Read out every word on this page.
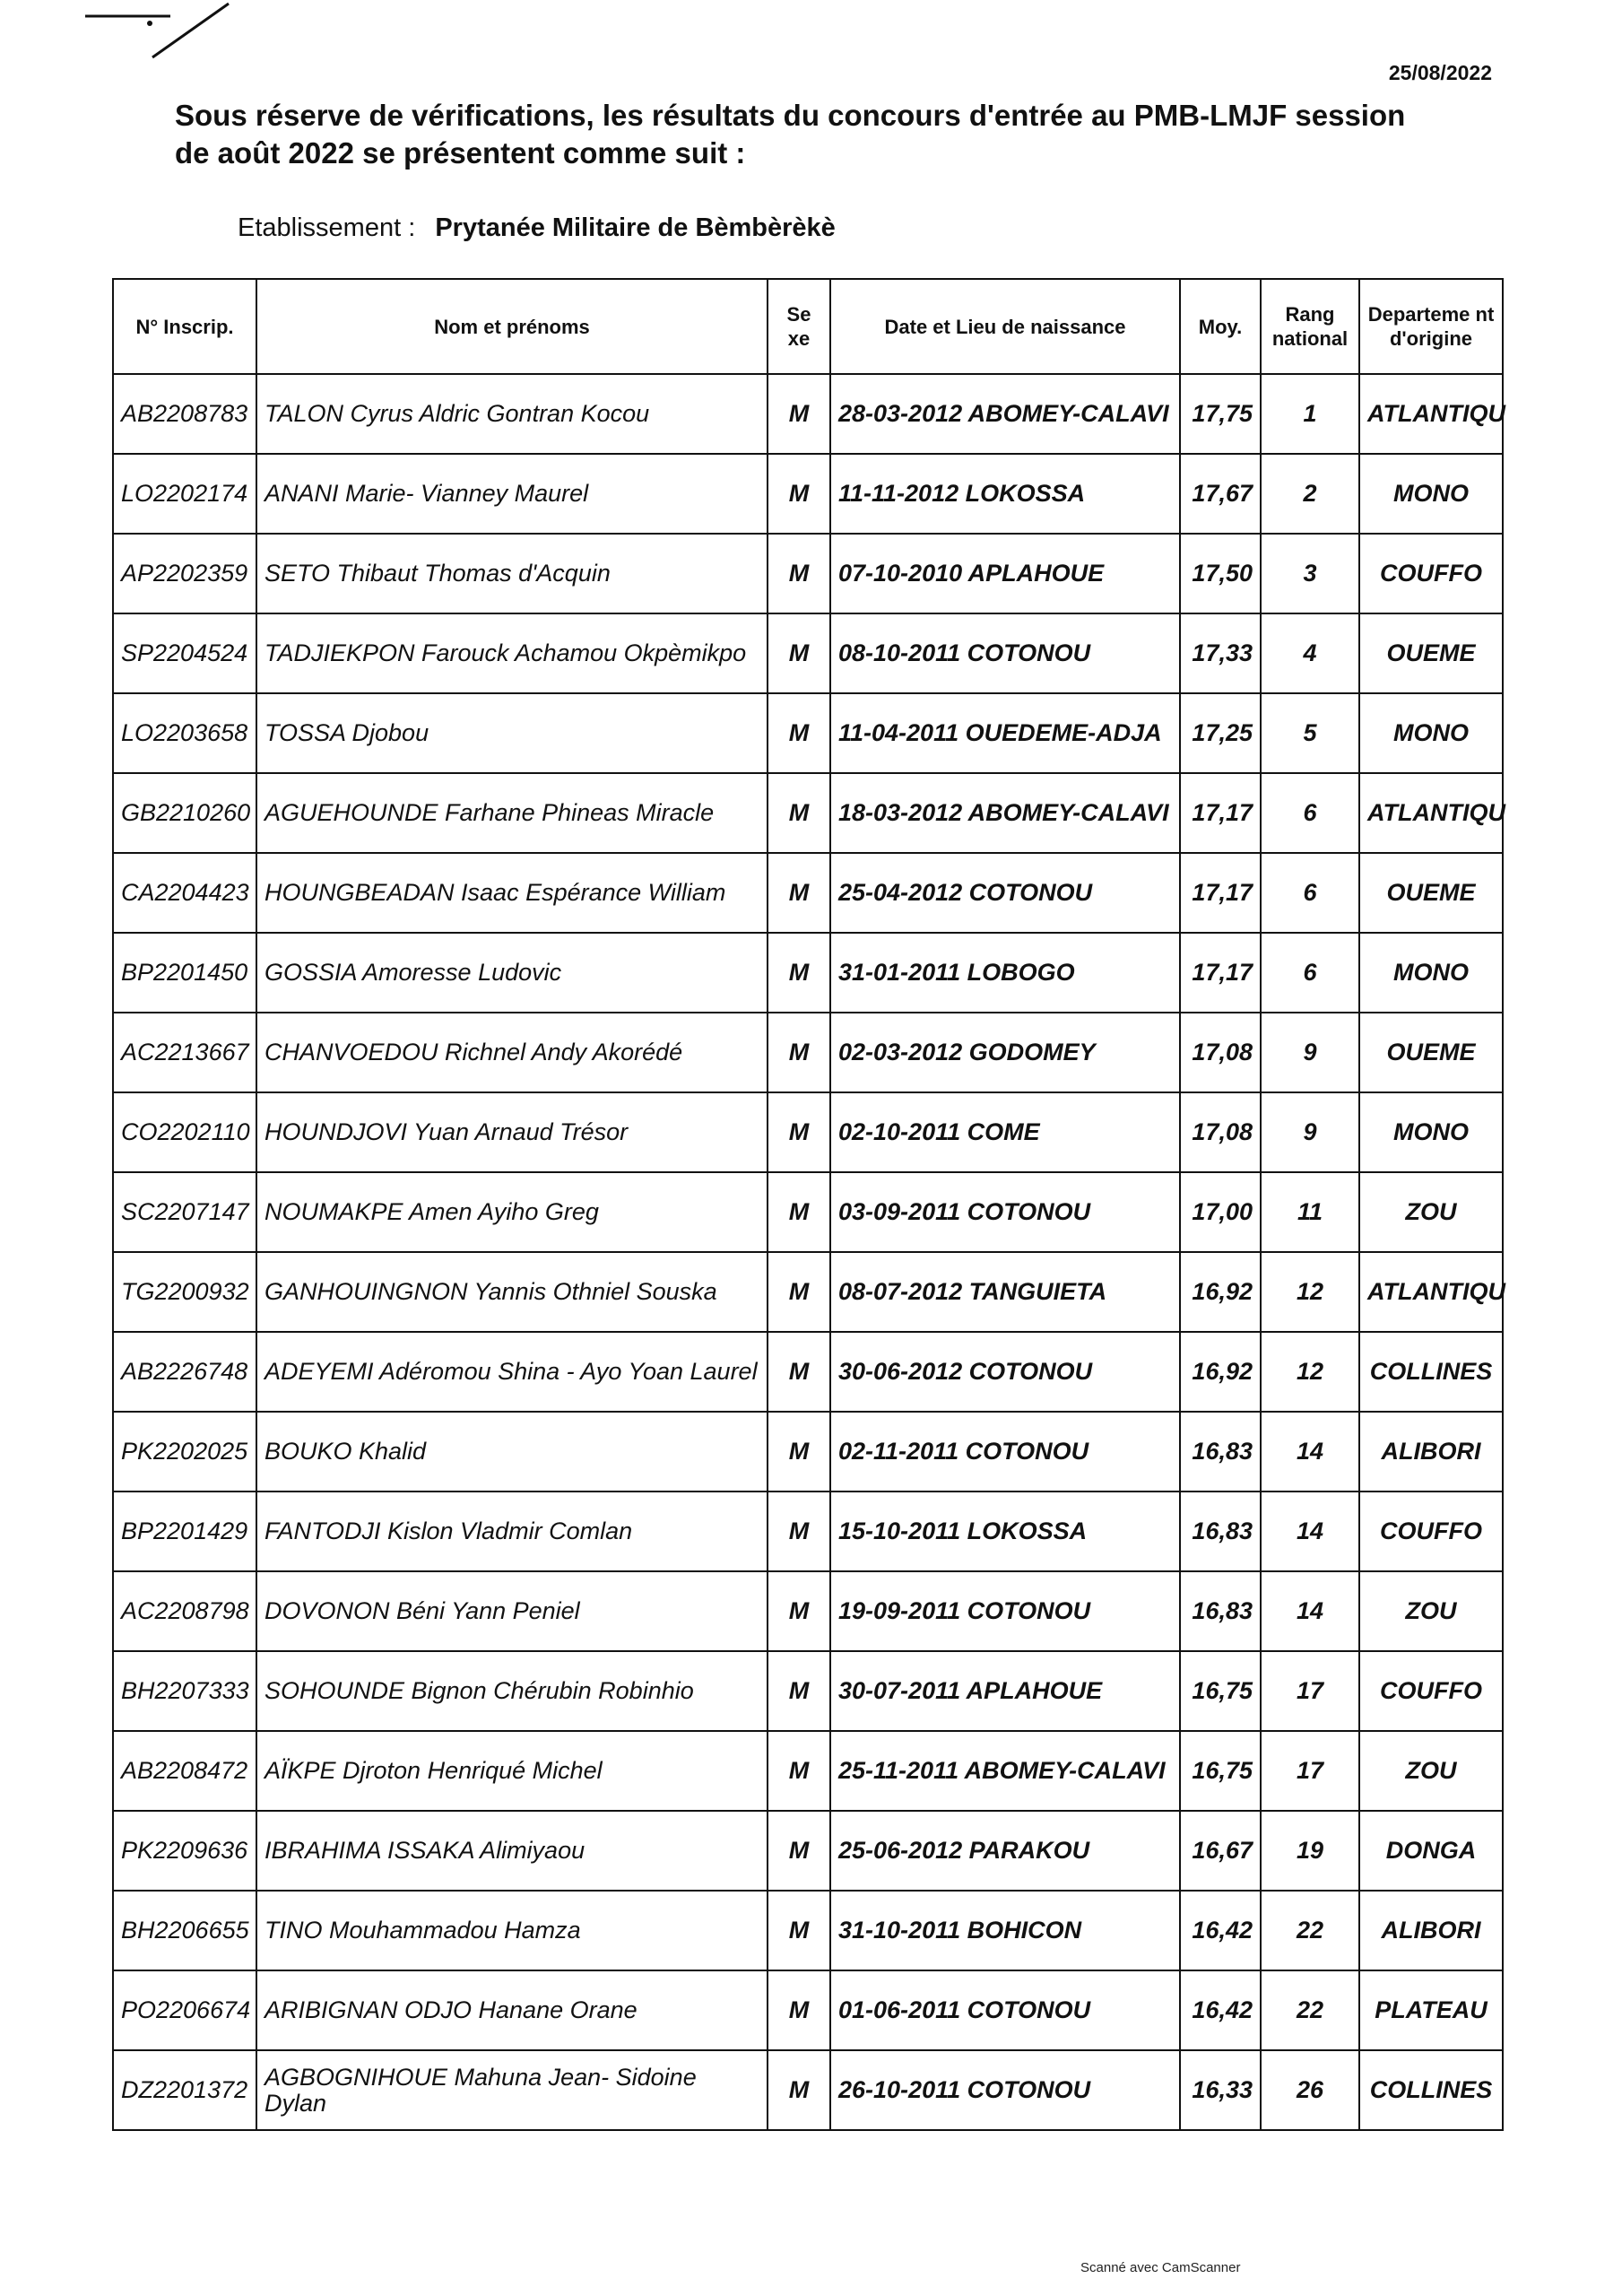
25/08/2022
Sous réserve de vérifications, les résultats du concours d'entrée au PMB-LMJF session de août 2022 se présentent comme suit :
Etablissement : Prytanée Militaire de Bèmbèrèkè
N° Inscrip.	Nom et prénoms	Se xe	Date et Lieu de naissance	Moy.	Rang national	Departeme nt d'origine
AB2208783	TALON Cyrus Aldric Gontran Kocou	M	28-03-2012 ABOMEY-CALAVI	17,75	1	ATLANTIQU
LO2202174	ANANI Marie- Vianney Maurel	M	11-11-2012 LOKOSSA	17,67	2	MONO
AP2202359	SETO Thibaut Thomas d'Acquin	M	07-10-2010 APLAHOUE	17,50	3	COUFFO
SP2204524	TADJIEKPON Farouck Achamou Okpèmikpo	M	08-10-2011 COTONOU	17,33	4	OUEME
LO2203658	TOSSA Djobou	M	11-04-2011 OUEDEME-ADJA	17,25	5	MONO
GB2210260	AGUEHOUNDE Farhane Phineas Miracle	M	18-03-2012 ABOMEY-CALAVI	17,17	6	ATLANTIQU
CA2204423	HOUNGBEADAN Isaac Espérance William	M	25-04-2012 COTONOU	17,17	6	OUEME
BP2201450	GOSSIA Amoresse Ludovic	M	31-01-2011 LOBOGO	17,17	6	MONO
AC2213667	CHANVOEDOU Richnel Andy Akorédé	M	02-03-2012 GODOMEY	17,08	9	OUEME
CO2202110	HOUNDJOVI Yuan Arnaud Trésor	M	02-10-2011 COME	17,08	9	MONO
SC2207147	NOUMAKPE Amen Ayiho Greg	M	03-09-2011 COTONOU	17,00	11	ZOU
TG2200932	GANHOUINGNON Yannis Othniel Souska	M	08-07-2012 TANGUIETA	16,92	12	ATLANTIQU
AB2226748	ADEYEMI Adéromou Shina - Ayo Yoan Laurel	M	30-06-2012 COTONOU	16,92	12	COLLINES
PK2202025	BOUKO Khalid	M	02-11-2011 COTONOU	16,83	14	ALIBORI
BP2201429	FANTODJI Kislon Vladmir Comlan	M	15-10-2011 LOKOSSA	16,83	14	COUFFO
AC2208798	DOVONON Béni Yann Peniel	M	19-09-2011 COTONOU	16,83	14	ZOU
BH2207333	SOHOUNDE Bignon Chérubin Robinhio	M	30-07-2011 APLAHOUE	16,75	17	COUFFO
AB2208472	AÏKPE Djroton Henriqué Michel	M	25-11-2011 ABOMEY-CALAVI	16,75	17	ZOU
PK2209636	IBRAHIMA ISSAKA Alimiyaou	M	25-06-2012 PARAKOU	16,67	19	DONGA
BH2206655	TINO Mouhammadou Hamza	M	31-10-2011 BOHICON	16,42	22	ALIBORI
PO2206674	ARIBIGNAN ODJO Hanane Orane	M	01-06-2011 COTONOU	16,42	22	PLATEAU
DZ2201372	AGBOGNIHOUE Mahuna Jean- Sidoine Dylan	M	26-10-2011 COTONOU	16,33	26	COLLINES
Scanné avec CamScanner
